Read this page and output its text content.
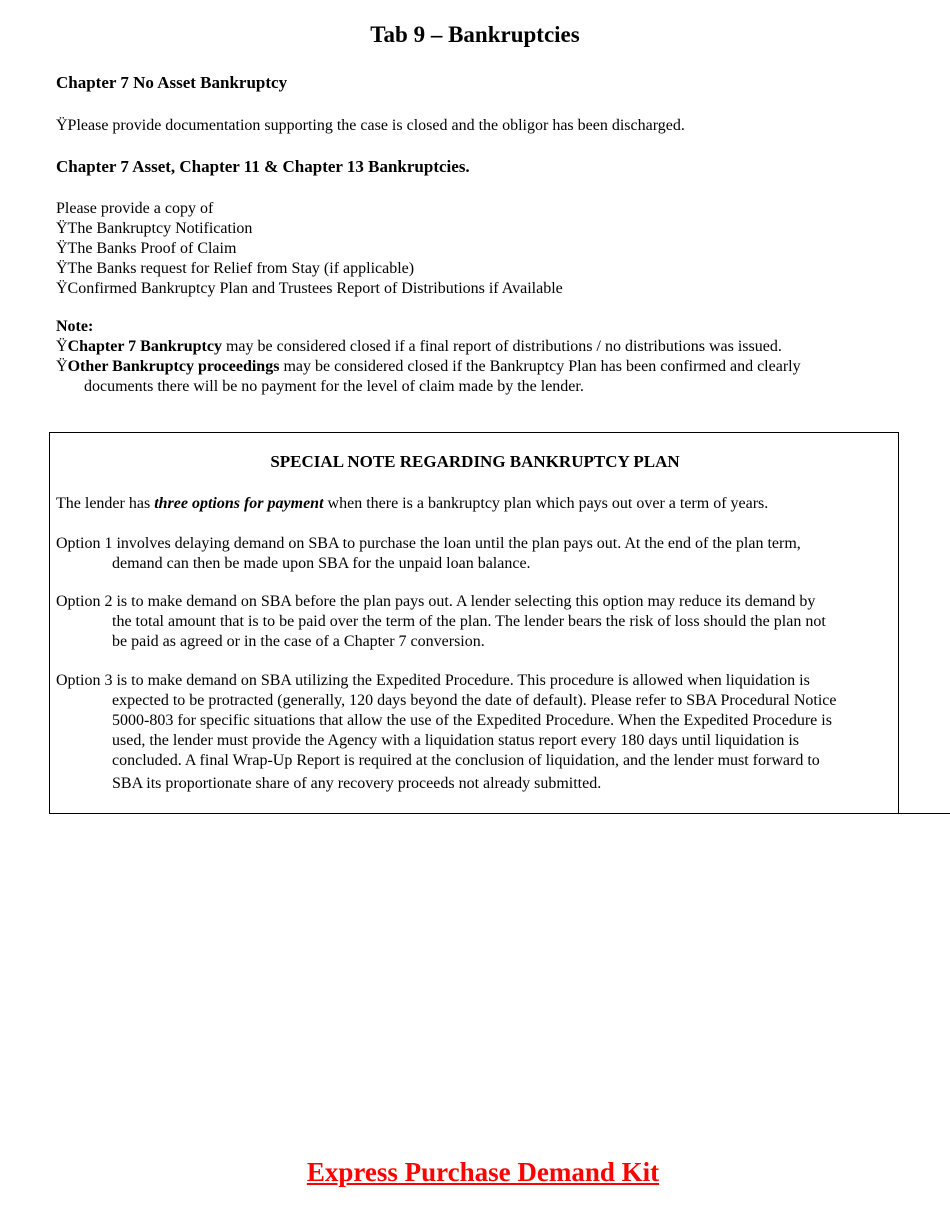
Tab 9 – Bankruptcies
Chapter 7 No Asset Bankruptcy
ŸPlease provide documentation supporting the case is closed and the obligor has been discharged.
Chapter 7 Asset, Chapter 11 & Chapter 13 Bankruptcies.
Please provide a copy of
ŸThe Bankruptcy Notification
ŸThe Banks Proof of Claim
ŸThe Banks request for Relief from Stay (if applicable)
ŸConfirmed Bankruptcy Plan and Trustees Report of Distributions if Available
Note:
ŸChapter 7 Bankruptcy may be considered closed if a final report of distributions / no distributions was issued.
ŸOther Bankruptcy proceedings may be considered closed if the Bankruptcy Plan has been confirmed and clearly
documents there will be no payment for the level of claim made by the lender.
SPECIAL NOTE REGARDING BANKRUPTCY PLAN
The lender has three options for payment when there is a bankruptcy plan which pays out over a term of years.
Option 1 involves delaying demand on SBA to purchase the loan until the plan pays out. At the end of the plan term,
demand can then be made upon SBA for the unpaid loan balance.
Option 2 is to make demand on SBA before the plan pays out. A lender selecting this option may reduce its demand by
the total amount that is to be paid over the term of the plan. The lender bears the risk of loss should the plan not
be paid as agreed or in the case of a Chapter 7 conversion.
Option 3 is to make demand on SBA utilizing the Expedited Procedure. This procedure is allowed when liquidation is
expected to be protracted (generally, 120 days beyond the date of default). Please refer to SBA Procedural Notice
5000-803 for specific situations that allow the use of the Expedited Procedure. When the Expedited Procedure is
used, the lender must provide the Agency with a liquidation status report every 180 days until liquidation is
concluded. A final Wrap-Up Report is required at the conclusion of liquidation, and the lender must forward to
SBA its proportionate share of any recovery proceeds not already submitted.
Express Purchase Demand Kit
